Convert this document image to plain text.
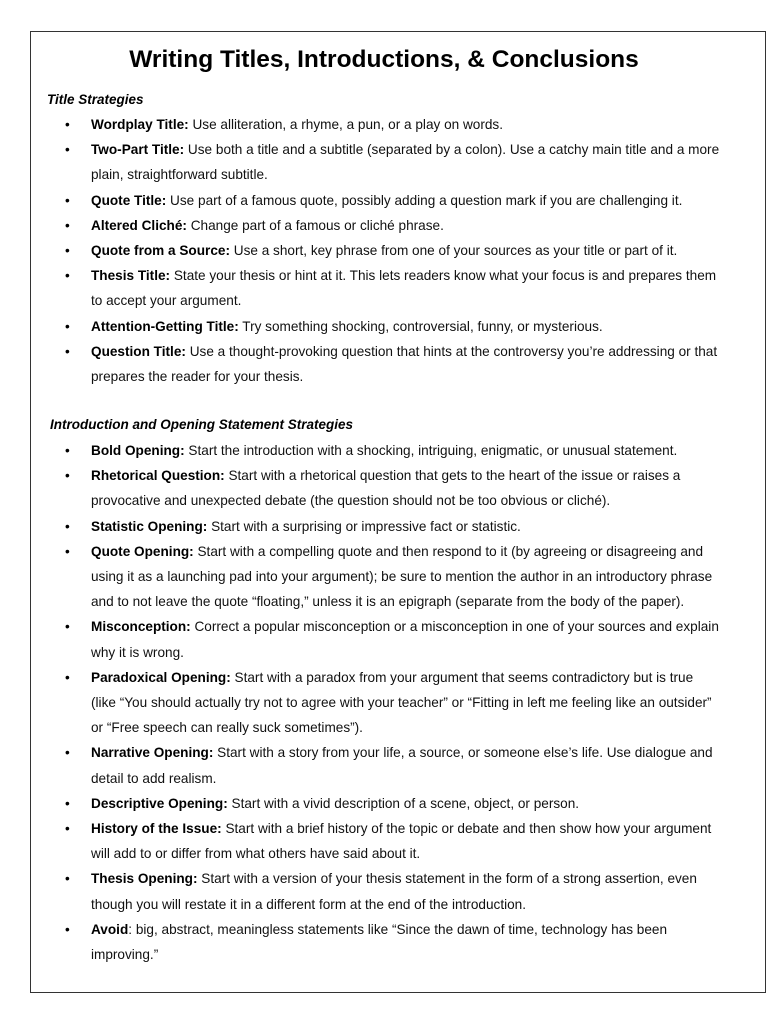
Writing Titles, Introductions, & Conclusions
Title Strategies
• Wordplay Title: Use alliteration, a rhyme, a pun, or a play on words.
• Two-Part Title: Use both a title and a subtitle (separated by a colon). Use a catchy main title and a more plain, straightforward subtitle.
• Quote Title: Use part of a famous quote, possibly adding a question mark if you are challenging it.
• Altered Cliché: Change part of a famous or cliché phrase.
• Quote from a Source: Use a short, key phrase from one of your sources as your title or part of it.
• Thesis Title: State your thesis or hint at it. This lets readers know what your focus is and prepares them to accept your argument.
• Attention-Getting Title: Try something shocking, controversial, funny, or mysterious.
• Question Title: Use a thought-provoking question that hints at the controversy you’re addressing or that prepares the reader for your thesis.
Introduction and Opening Statement Strategies
• Bold Opening: Start the introduction with a shocking, intriguing, enigmatic, or unusual statement.
• Rhetorical Question: Start with a rhetorical question that gets to the heart of the issue or raises a provocative and unexpected debate (the question should not be too obvious or cliché).
• Statistic Opening: Start with a surprising or impressive fact or statistic.
• Quote Opening: Start with a compelling quote and then respond to it (by agreeing or disagreeing and using it as a launching pad into your argument); be sure to mention the author in an introductory phrase and to not leave the quote “floating,” unless it is an epigraph (separate from the body of the paper).
• Misconception: Correct a popular misconception or a misconception in one of your sources and explain why it is wrong.
• Paradoxical Opening: Start with a paradox from your argument that seems contradictory but is true (like “You should actually try not to agree with your teacher” or “Fitting in left me feeling like an outsider” or “Free speech can really suck sometimes”).
• Narrative Opening: Start with a story from your life, a source, or someone else’s life. Use dialogue and detail to add realism.
• Descriptive Opening: Start with a vivid description of a scene, object, or person.
• History of the Issue: Start with a brief history of the topic or debate and then show how your argument will add to or differ from what others have said about it.
• Thesis Opening: Start with a version of your thesis statement in the form of a strong assertion, even though you will restate it in a different form at the end of the introduction.
• Avoid: big, abstract, meaningless statements like “Since the dawn of time, technology has been improving.”
